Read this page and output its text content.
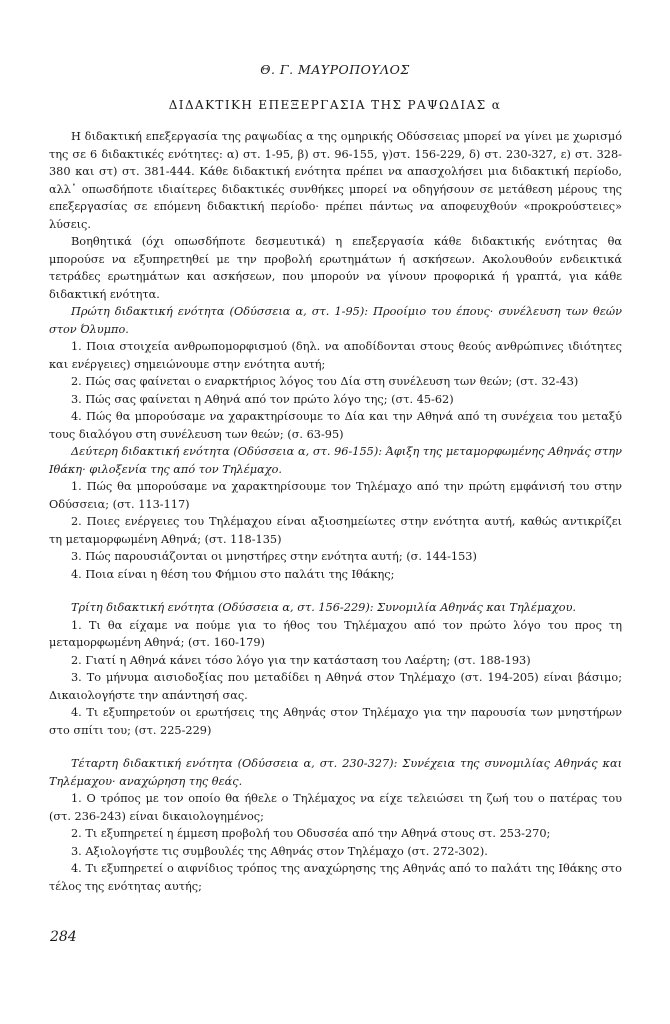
Θ. Γ. ΜΑΥΡΟΠΟΥΛΟΣ
ΔΙΔΑΚΤΙΚΗ ΕΠΕΞΕΡΓΑΣΙΑ ΤΗΣ ΡΑΨΩΔΙΑΣ α

Η διδακτική επεξεργασία της ραψωδίας α της ομηρικής Οδύσσειας μπορεί να γίνει με χωρισμό της σε 6 διδακτικές ενότητες: α) στ. 1-95, β) στ. 96-155, γ)στ. 156-229, δ) στ. 230-327, ε) στ. 328-380 και στ) στ. 381-444. Κάθε διδακτική ενότητα πρέπει να απασχολήσει μια διδακτική περίοδο, αλλ᾿ οπωσδήποτε ιδιαίτερες διδακτικές συνθήκες μπορεί να οδηγήσουν σε μετάθεση μέρους της επεξεργασίας σε επόμενη διδακτική περίοδο· πρέπει πάντως να αποφευχθούν «προκρούστειες» λύσεις.

Βοηθητικά (όχι οπωσδήποτε δεσμευτικά) η επεξεργασία κάθε διδακτικής ενότητας θα μπορούσε να εξυπηρετηθεί με την προβολή ερωτημάτων ή ασκήσεων. Ακολουθούν ενδεικτικά τετράδες ερωτημάτων και ασκήσεων, που μπορούν να γίνουν προφορικά ή γραπτά, για κάθε διδακτική ενότητα.

Πρώτη διδακτική ενότητα (Οδύσσεια α, στ. 1-95): Προοίμιο του έπους· συνέλευση των θεών στον Όλυμπο.

1. Ποια στοιχεία ανθρωπομορφισμού (δηλ. να αποδίδονται στους θεούς ανθρώπινες ιδιότητες και ενέργειες) σημειώνουμε στην ενότητα αυτή;

2. Πώς σας φαίνεται ο εναρκτήριος λόγος του Δία στη συνέλευση των θεών; (στ. 32-43)

3. Πώς σας φαίνεται η Αθηνά από τον πρώτο λόγο της; (στ. 45-62)

4. Πώς θα μπορούσαμε να χαρακτηρίσουμε το Δία και την Αθηνά από τη συνέχεια του μεταξύ τους διαλόγου στη συνέλευση των θεών; (σ. 63-95)

Δεύτερη διδακτική ενότητα (Οδύσσεια α, στ. 96-155): Άφιξη της μεταμορφωμένης Αθηνάς στην Ιθάκη· φιλοξενία της από τον Τηλέμαχο.

1. Πώς θα μπορούσαμε να χαρακτηρίσουμε τον Τηλέμαχο από την πρώτη εμφάνισή του στην Οδύσσεια; (στ. 113-117)

2. Ποιες ενέργειες του Τηλέμαχου είναι αξιοσημείωτες στην ενότητα αυτή, καθώς αντικρίζει τη μεταμορφωμένη Αθηνά; (στ. 118-135)

3. Πώς παρουσιάζονται οι μνηστήρες στην ενότητα αυτή; (σ. 144-153)

4. Ποια είναι η θέση του Φήμιου στο παλάτι της Ιθάκης;

Τρίτη διδακτική ενότητα (Οδύσσεια α, στ. 156-229): Συνομιλία Αθηνάς και Τηλέμαχου.

1. Τι θα είχαμε να πούμε για το ήθος του Τηλέμαχου από τον πρώτο λόγο του προς τη μεταμορφωμένη Αθηνά; (στ. 160-179)

2. Γιατί η Αθηνά κάνει τόσο λόγο για την κατάσταση του Λαέρτη; (στ. 188-193)

3. Το μήνυμα αισιοδοξίας που μεταδίδει η Αθηνά στον Τηλέμαχο (στ. 194-205) είναι βάσιμο; Δικαιολογήστε την απάντησή σας.

4. Τι εξυπηρετούν οι ερωτήσεις της Αθηνάς στον Τηλέμαχο για την παρουσία των μνηστήρων στο σπίτι του; (στ. 225-229)

Τέταρτη διδακτική ενότητα (Οδύσσεια α, στ. 230-327): Συνέχεια της συνομιλίας Αθηνάς και Τηλέμαχου· αναχώρηση της θεάς.

1. Ο τρόπος με τον οποίο θα ήθελε ο Τηλέμαχος να είχε τελειώσει τη ζωή του ο πατέρας του (στ. 236-243) είναι δικαιολογημένος;

2. Τι εξυπηρετεί η έμμεση προβολή του Οδυσσέα από την Αθηνά στους στ. 253-270;

3. Αξιολογήστε τις συμβουλές της Αθηνάς στον Τηλέμαχο (στ. 272-302).

4. Τι εξυπηρετεί ο αιφνίδιος τρόπος της αναχώρησης της Αθηνάς από το παλάτι της Ιθάκης στο τέλος της ενότητας αυτής;

284
